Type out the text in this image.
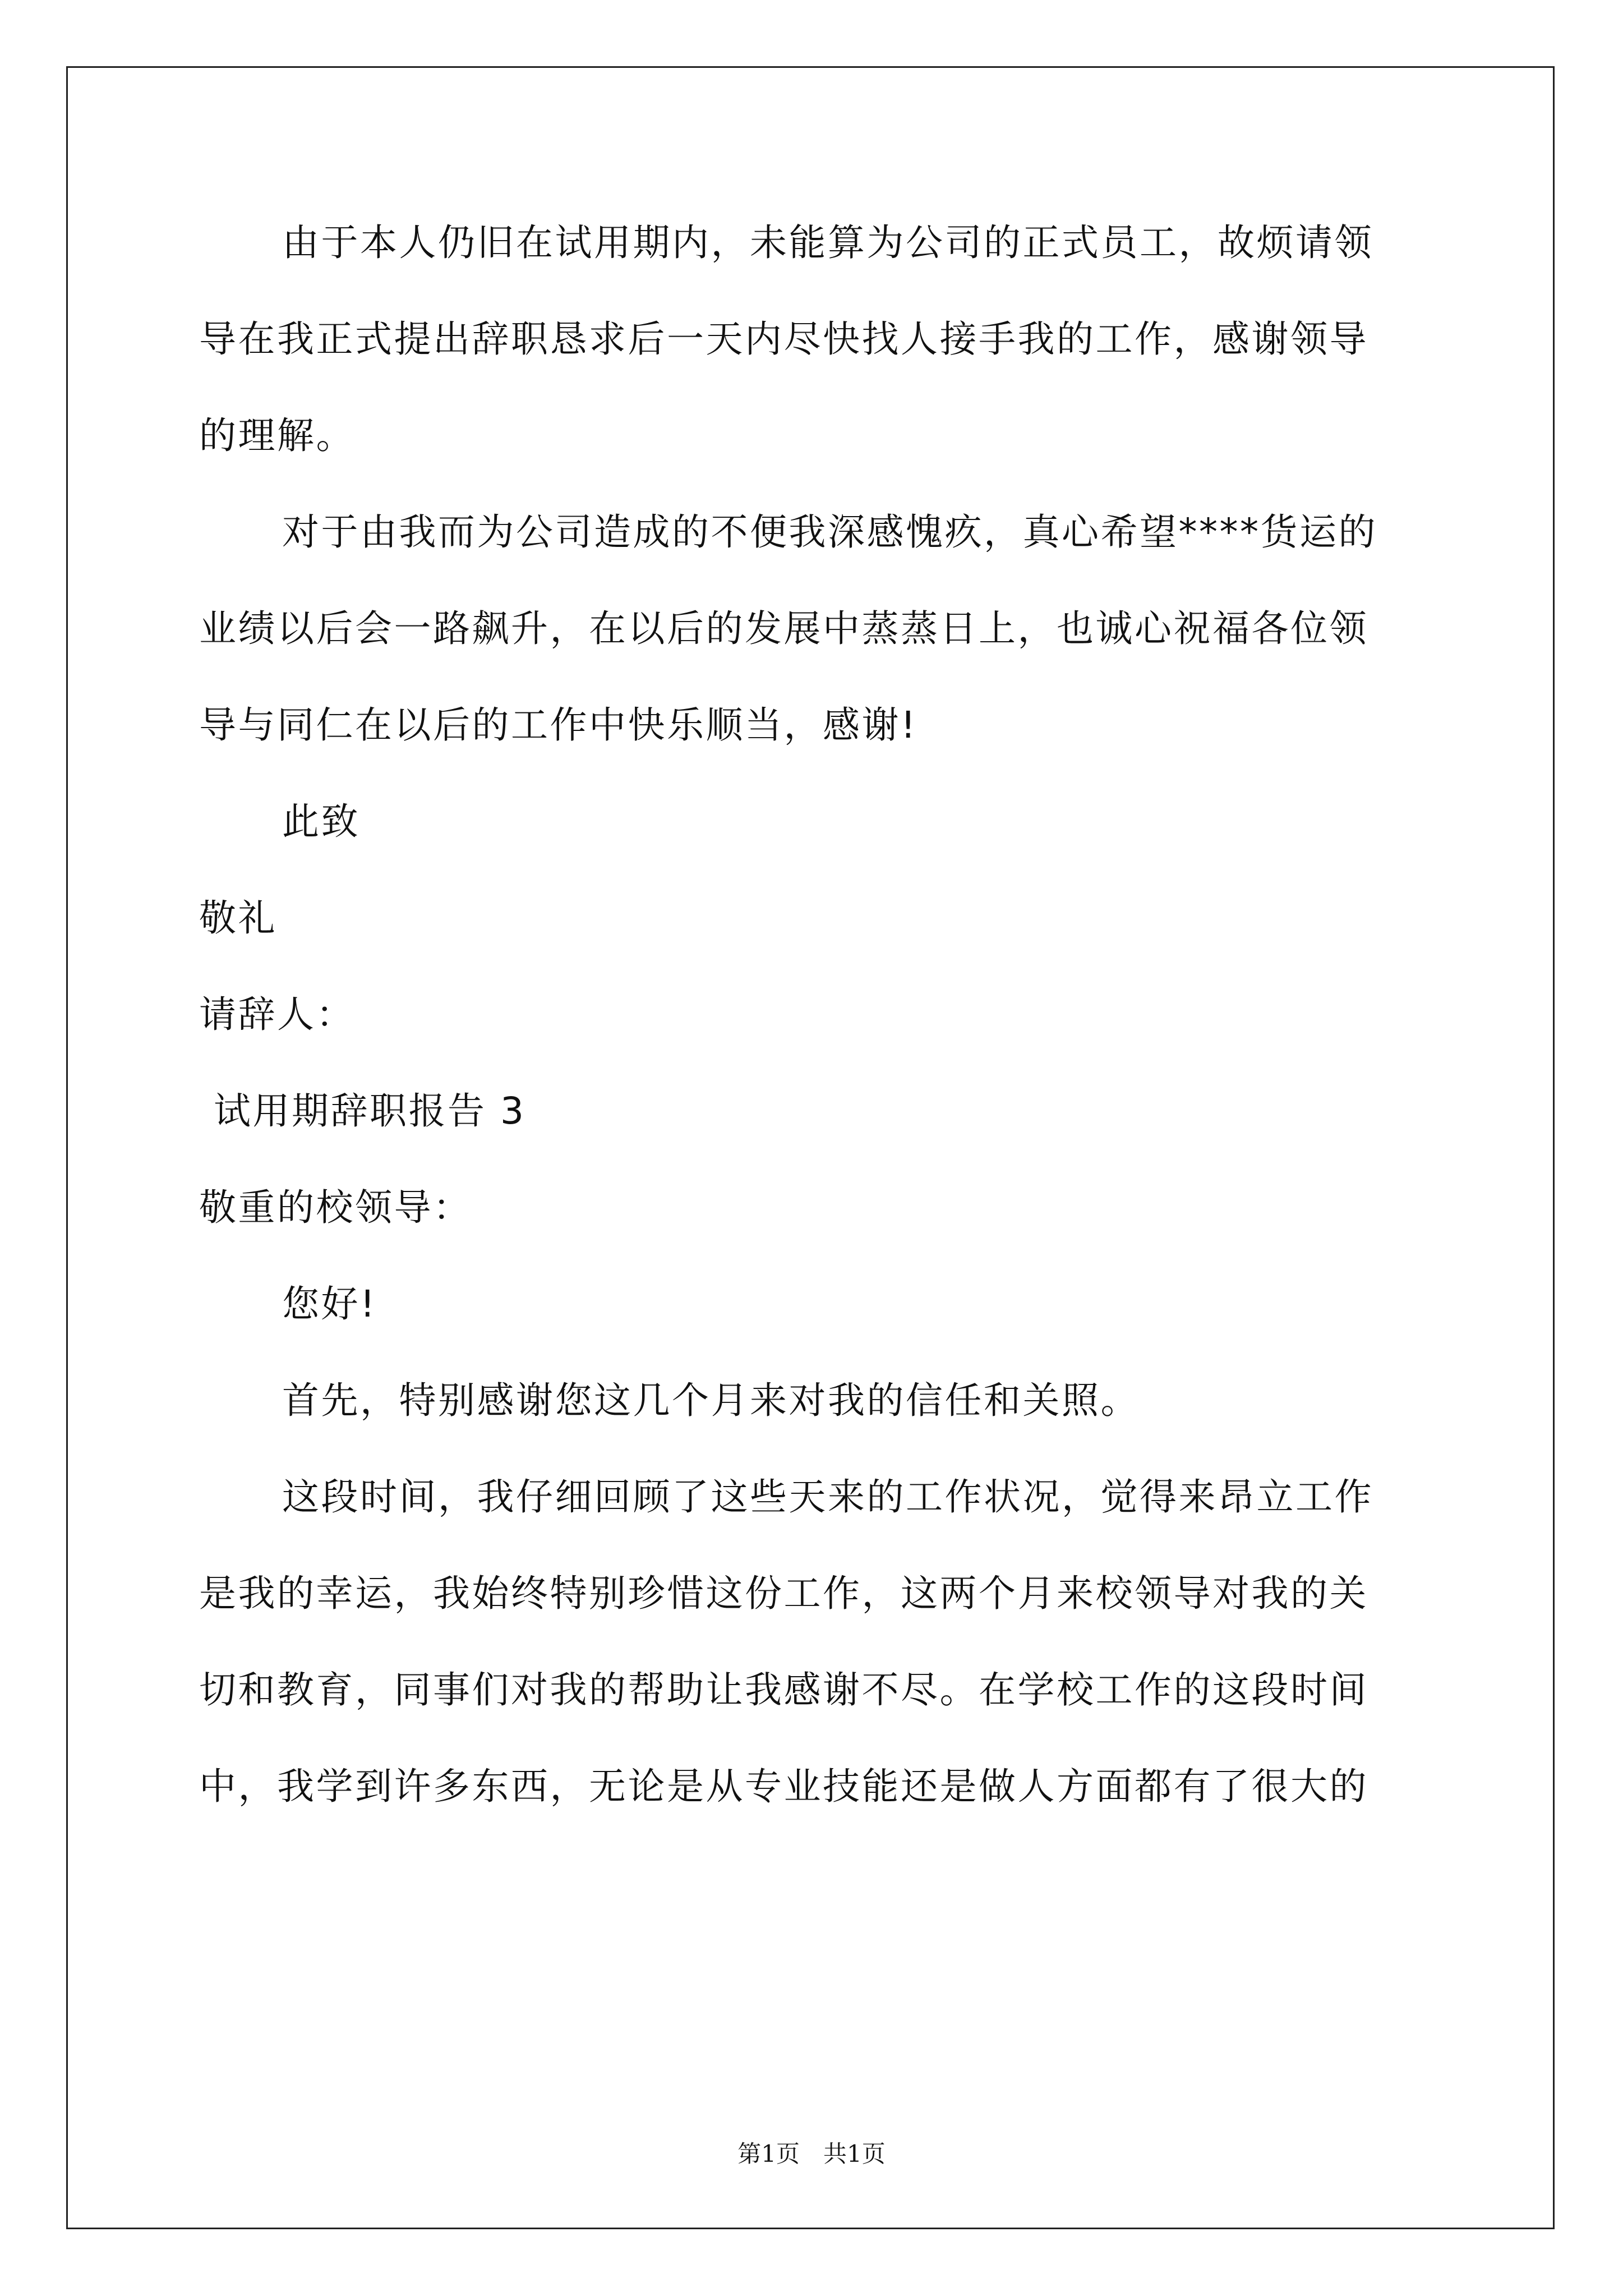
由于本人仍旧在试用期内，未能算为公司的正式员工，故烦请领
导在我正式提出辞职恳求后一天内尽快找人接手我的工作，感谢领导
的理解。
对于由我而为公司造成的不便我深感愧疚，真心希望****货运的
业绩以后会一路飙升，在以后的发展中蒸蒸日上，也诚心祝福各位领
导与同仁在以后的工作中快乐顺当，感谢!
此致
敬礼
请辞人：
试用期辞职报告 3
敬重的校领导：
您好!
首先，特别感谢您这几个月来对我的信任和关照。
这段时间，我仔细回顾了这些天来的工作状况，觉得来昂立工作
是我的幸运，我始终特别珍惜这份工作，这两个月来校领导对我的关
切和教育，同事们对我的帮助让我感谢不尽。在学校工作的这段时间
中，我学到许多东西，无论是从专业技能还是做人方面都有了很大的
第1页　共1页
